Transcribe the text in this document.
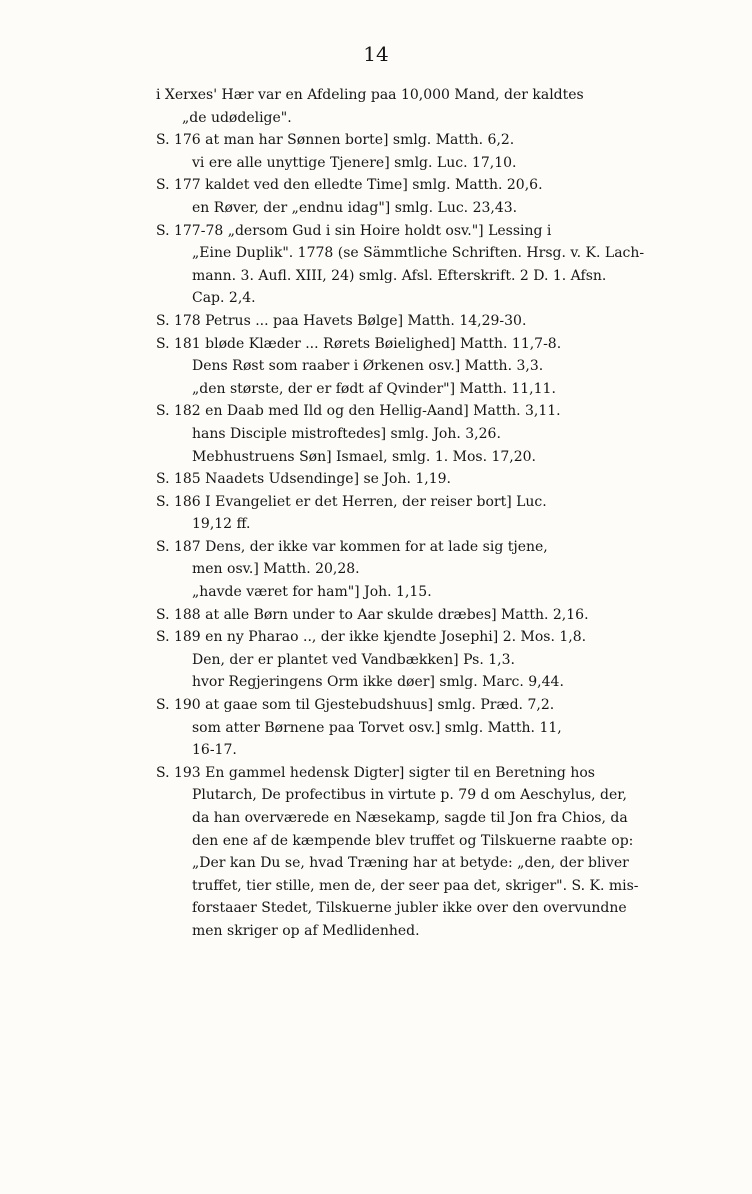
14
i Xerxes' Hær var en Afdeling paa 10,000 Mand, der kaldtes
„de udødelige".
S. 176 at man har Sønnen borte] smlg. Matth. 6,2.
vi ere alle unyttige Tjenere] smlg. Luc. 17,10.
S. 177 kaldet ved den elledte Time] smlg. Matth. 20,6.
en Røver, der „endnu idag"] smlg. Luc. 23,43.
S. 177-78 „dersom Gud i sin Hoire holdt osv."] Lessing i
„Eine Duplik". 1778 (se Sämmtliche Schriften. Hrsg. v. K. Lach-
mann. 3. Aufl. XIII, 24) smlg. Afsl. Efterskrift. 2 D. 1. Afsn.
Cap. 2,4.
S. 178 Petrus ... paa Havets Bølge] Matth. 14,29-30.
S. 181 bløde Klæder ... Rørets Bøielighed] Matth. 11,7-8.
Dens Røst som raaber i Ørkenen osv.] Matth. 3,3.
„den største, der er født af Qvinder"] Matth. 11,11.
S. 182 en Daab med Ild og den Hellig-Aand] Matth. 3,11.
hans Disciple mistroftedes] smlg. Joh. 3,26.
Mebhustruens Søn] Ismael, smlg. 1. Mos. 17,20.
S. 185 Naadets Udsendinge] se Joh. 1,19.
S. 186 I Evangeliet er det Herren, der reiser bort] Luc.
19,12 ff.
S. 187 Dens, der ikke var kommen for at lade sig tjene,
men osv.] Matth. 20,28.
„havde været for ham"] Joh. 1,15.
S. 188 at alle Børn under to Aar skulde dræbes] Matth. 2,16.
S. 189 en ny Pharao .., der ikke kjendte Josephi] 2. Mos. 1,8.
Den, der er plantet ved Vandbækken] Ps. 1,3.
hvor Regjeringens Orm ikke døer] smlg. Marc. 9,44.
S. 190 at gaae som til Gjestebudshuus] smlg. Præd. 7,2.
som atter Børnene paa Torvet osv.] smlg. Matth. 11,
16-17.
S. 193 En gammel hedensk Digter] sigter til en Beretning hos
Plutarch, De profectibus in virtute p. 79 d om Aeschylus, der,
da han overværede en Næsekamp, sagde til Jon fra Chios, da
den ene af de kæmpende blev truffet og Tilskuerne raabte op:
„Der kan Du se, hvad Træning har at betyde: „den, der bliver
truffet, tier stille, men de, der seer paa det, skriger". S. K. mis-
forstaaer Stedet, Tilskuerne jubler ikke over den overvundne
men skriger op af Medlidenhed.
